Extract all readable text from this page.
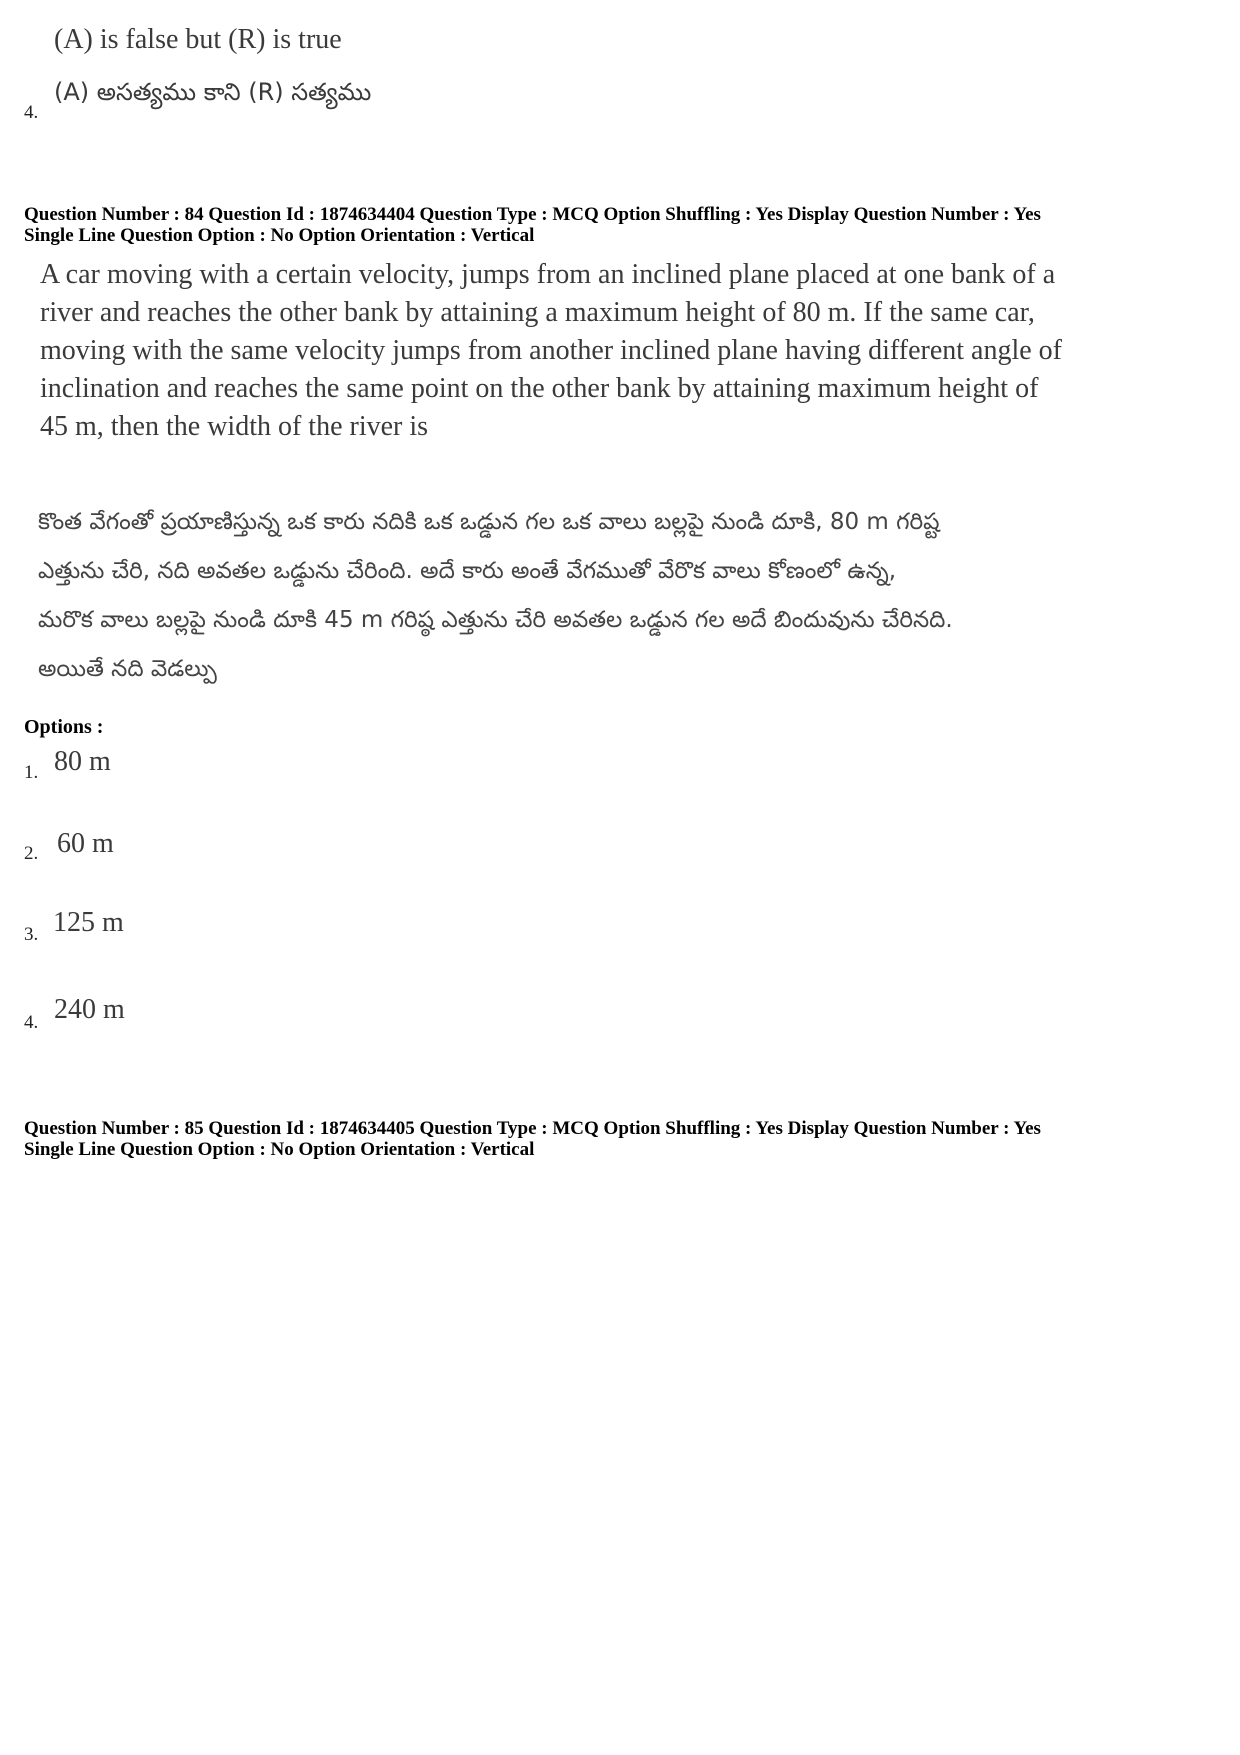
(A) is false but (R) is true
4.
(A) అసత్యము కాని (R) సత్యము
Question Number : 84 Question Id : 1874634404 Question Type : MCQ Option Shuffling : Yes Display Question Number : Yes
Single Line Question Option : No Option Orientation : Vertical
A car moving with a certain velocity, jumps from an inclined plane placed at one bank of a
river and reaches the other bank by attaining a maximum height of 80 m. If the same car,
moving with the same velocity jumps from another inclined plane having different angle of
inclination and reaches the same point on the other bank by attaining maximum height of
45 m, then the width of the river is
కొంత వేగంతో ప్రయాణిస్తున్న ఒక కారు నదికి ఒక ఒడ్డున గల ఒక వాలు బల్లపై నుండి దూకి, 80 m గరిష్ట
ఎత్తును చేరి, నది అవతల ఒడ్డును చేరింది. అదే కారు అంతే వేగముతో వేరొక వాలు కోణంలో ఉన్న,
మరొక వాలు బల్లపై నుండి దూకి 45 m గరిష్ఠ ఎత్తును చేరి అవతల ఒడ్డున గల అదే బిందువును చేరినది.
అయితే నది వెడల్పు
Options :
1. 80 m
2. 60 m
3. 125 m
4. 240 m
Question Number : 85 Question Id : 1874634405 Question Type : MCQ Option Shuffling : Yes Display Question Number : Yes
Single Line Question Option : No Option Orientation : Vertical
